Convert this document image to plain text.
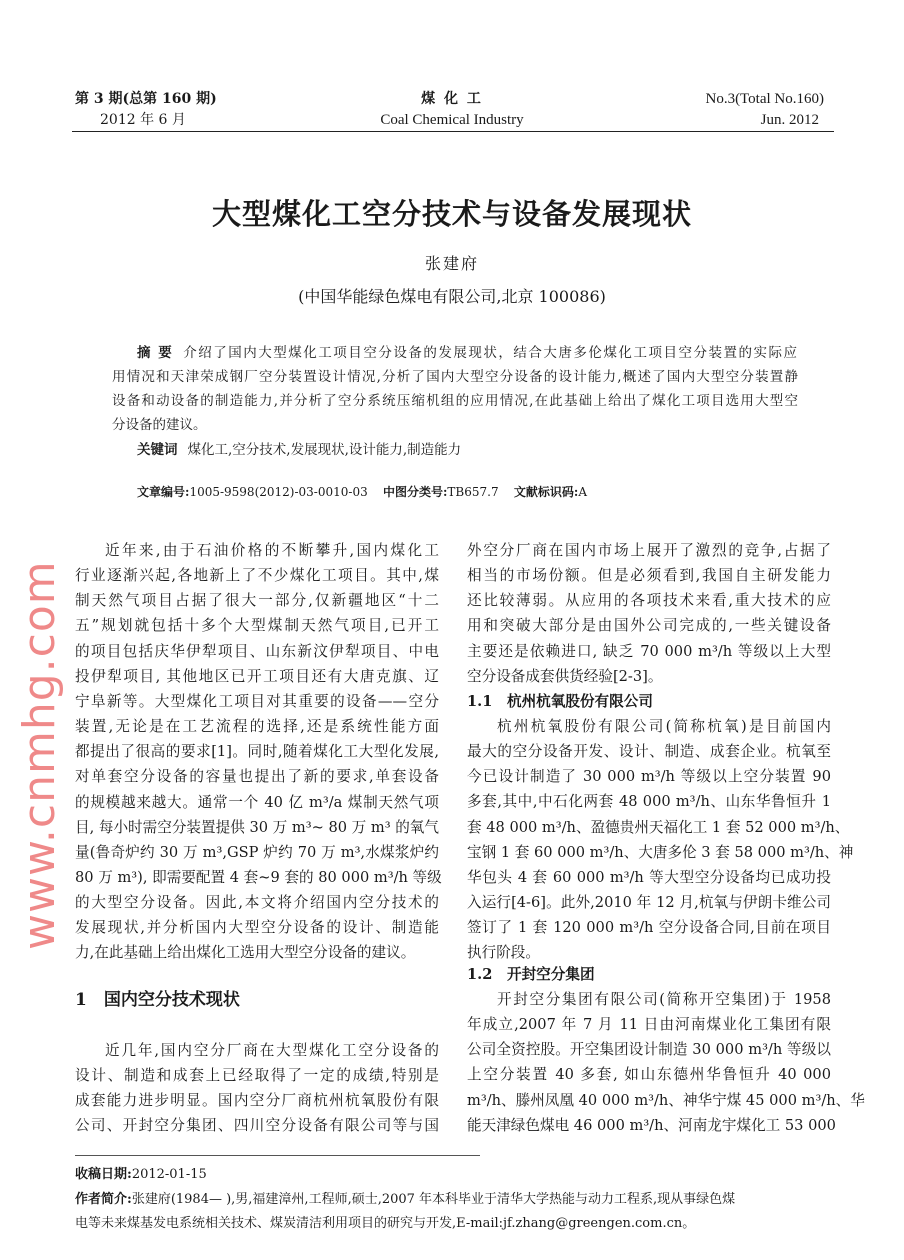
第 3 期(总第 160 期)
2012 年 6 月
煤 化 工
Coal Chemical Industry
No.3(Total No.160)
Jun. 2012
大型煤化工空分技术与设备发展现状
张建府
(中国华能绿色煤电有限公司,北京 100086)
摘 要 介绍了国内大型煤化工项目空分设备的发展现状，结合大唐多伦煤化工项目空分装置的实际应
用情况和天津荣成钢厂空分装置设计情况,分析了国内大型空分设备的设计能力,概述了国内大型空分装置静
设备和动设备的制造能力,并分析了空分系统压缩机组的应用情况,在此基础上给出了煤化工项目选用大型空
分设备的建议。
关键词 煤化工,空分技术,发展现状,设计能力,制造能力
文章编号:1005-9598(2012)-03-0010-03 中图分类号:TB657.7 文献标识码:A
近年来,由于石油价格的不断攀升,国内煤化工
行业逐渐兴起,各地新上了不少煤化工项目。其中,煤
制天然气项目占据了很大一部分,仅新疆地区“十二
五”规划就包括十多个大型煤制天然气项目,已开工
的项目包括庆华伊犁项目、山东新汶伊犁项目、中电
投伊犁项目, 其他地区已开工项目还有大唐克旗、辽
宁阜新等。大型煤化工项目对其重要的设备——空分
装置,无论是在工艺流程的选择,还是系统性能方面
都提出了很高的要求[1]。同时,随着煤化工大型化发展,
对单套空分设备的容量也提出了新的要求,单套设备
的规模越来越大。通常一个 40 亿 m³/a 煤制天然气项
目, 每小时需空分装置提供 30 万 m³~ 80 万 m³ 的氧气
量(鲁奇炉约 30 万 m³,GSP 炉约 70 万 m³,水煤浆炉约
80 万 m³), 即需要配置 4 套~9 套的 80 000 m³/h 等级
的大型空分设备。因此,本文将介绍国内空分技术的
发展现状,并分析国内大型空分设备的设计、制造能
力,在此基础上给出煤化工选用大型空分设备的建议。
1　国内空分技术现状
近几年,国内空分厂商在大型煤化工空分设备的
设计、制造和成套上已经取得了一定的成绩,特别是
成套能力进步明显。国内空分厂商杭州杭氧股份有限
公司、开封空分集团、四川空分设备有限公司等与国
外空分厂商在国内市场上展开了激烈的竞争,占据了
相当的市场份额。但是必须看到,我国自主研发能力
还比较薄弱。从应用的各项技术来看,重大技术的应
用和突破大部分是由国外公司完成的,一些关键设备
主要还是依赖进口, 缺乏 70 000 m³/h 等级以上大型
空分设备成套供货经验[2-3]。
1.1　杭州杭氧股份有限公司
杭州杭氧股份有限公司(简称杭氧)是目前国内
最大的空分设备开发、设计、制造、成套企业。杭氧至
今已设计制造了 30 000 m³/h 等级以上空分装置 90
多套,其中,中石化两套 48 000 m³/h、山东华鲁恒升 1
套 48 000 m³/h、盈德贵州天福化工 1 套 52 000 m³/h、
宝钢 1 套 60 000 m³/h、大唐多伦 3 套 58 000 m³/h、神
华包头 4 套 60 000 m³/h 等大型空分设备均已成功投
入运行[4-6]。此外,2010 年 12 月,杭氧与伊朗卡维公司
签订了 1 套 120 000 m³/h 空分设备合同,目前在项目
执行阶段。
1.2　开封空分集团
开封空分集团有限公司(简称开空集团)于 1958
年成立,2007 年 7 月 11 日由河南煤业化工集团有限
公司全资控股。开空集团设计制造 30 000 m³/h 等级以
上空分装置 40 多套, 如山东德州华鲁恒升 40 000
m³/h、滕州凤凰 40 000 m³/h、神华宁煤 45 000 m³/h、华
能天津绿色煤电 46 000 m³/h、河南龙宇煤化工 53 000
收稿日期:2012-01-15
作者简介:张建府(1984— ),男,福建漳州,工程师,硕士,2007 年本科毕业于清华大学热能与动力工程系,现从事绿色煤
电等未来煤基发电系统相关技术、煤炭清洁利用项目的研究与开发,E-mail:jf.zhang@greengen.com.cn。
www.cnmhg.com
